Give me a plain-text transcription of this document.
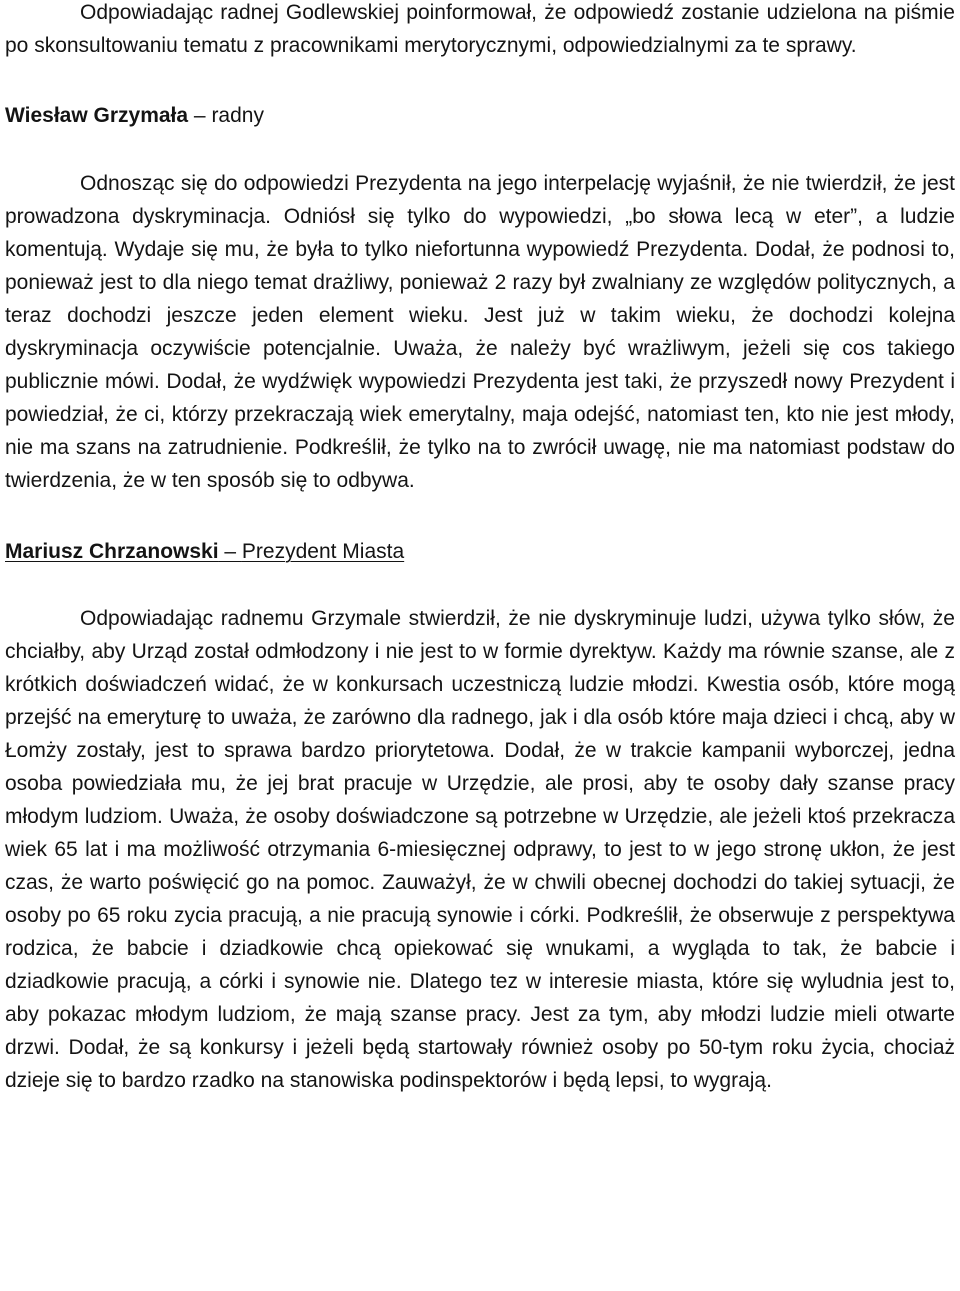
Odpowiadając radnej Godlewskiej poinformował, że odpowiedź zostanie udzielona na piśmie po skonsultowaniu tematu z pracownikami merytorycznymi, odpowiedzialnymi za te sprawy.

Wiesław Grzymała – radny

Odnosząc się do odpowiedzi Prezydenta na jego interpelację wyjaśnił, że nie twierdził, że jest prowadzona dyskryminacja. Odniósł się tylko do wypowiedzi, „bo słowa lecą w eter”, a ludzie komentują. Wydaje się mu, że była to tylko niefortunna wypowiedź Prezydenta. Dodał, że podnosi to, ponieważ jest to dla niego temat drażliwy, ponieważ 2 razy był zwalniany ze względów politycznych, a teraz dochodzi jeszcze jeden element wieku. Jest już w takim wieku, że dochodzi kolejna dyskryminacja oczywiście potencjalnie. Uważa, że należy być wrażliwym, jeżeli się cos takiego publicznie mówi. Dodał, że wydźwięk wypowiedzi Prezydenta jest taki, że przyszedł nowy Prezydent i powiedział, że ci, którzy przekraczają wiek emerytalny, maja odejść, natomiast ten, kto nie jest młody, nie ma szans na zatrudnienie. Podkreślił, że tylko na to zwrócił uwagę, nie ma natomiast podstaw do twierdzenia, że w ten sposób się to odbywa.

Mariusz Chrzanowski – Prezydent Miasta

Odpowiadając radnemu Grzymale stwierdził, że nie dyskryminuje ludzi, używa tylko słów, że chciałby, aby Urząd został odmłodzony i nie jest to w formie dyrektyw. Każdy ma równie szanse, ale z krótkich doświadczeń widać, że w konkursach uczestniczą ludzie młodzi. Kwestia osób, które mogą przejść na emeryturę to uważa, że zarówno dla radnego, jak i dla osób które maja dzieci i chcą, aby w Łomży zostały, jest to sprawa bardzo priorytetowa. Dodał, że w trakcie kampanii wyborczej, jedna osoba powiedziała mu, że jej brat pracuje w Urzędzie, ale prosi, aby te osoby dały szanse pracy młodym ludziom. Uważa, że osoby doświadczone są potrzebne w Urzędzie, ale jeżeli ktoś przekracza wiek 65 lat i ma możliwość otrzymania 6-miesięcznej odprawy, to jest to w jego stronę ukłon, że jest czas, że warto poświęcić go na pomoc. Zauważył, że w chwili obecnej dochodzi do takiej sytuacji, że osoby po 65 roku zycia pracują, a nie pracują synowie i córki. Podkreślił, że obserwuje z perspektywa rodzica, że babcie i dziadkowie chcą opiekować się wnukami, a wygląda to tak, że babcie i dziadkowie pracują, a córki i synowie nie. Dlatego tez w interesie miasta, które się wyludnia jest to, aby pokazac młodym ludziom, że mają szanse pracy. Jest za tym, aby młodzi ludzie mieli otwarte drzwi. Dodał, że są konkursy i jeżeli będą startowały również osoby po 50-tym roku życia, chociaż dzieje się to bardzo rzadko na stanowiska podinspektorów i będą lepsi, to wygrają.
